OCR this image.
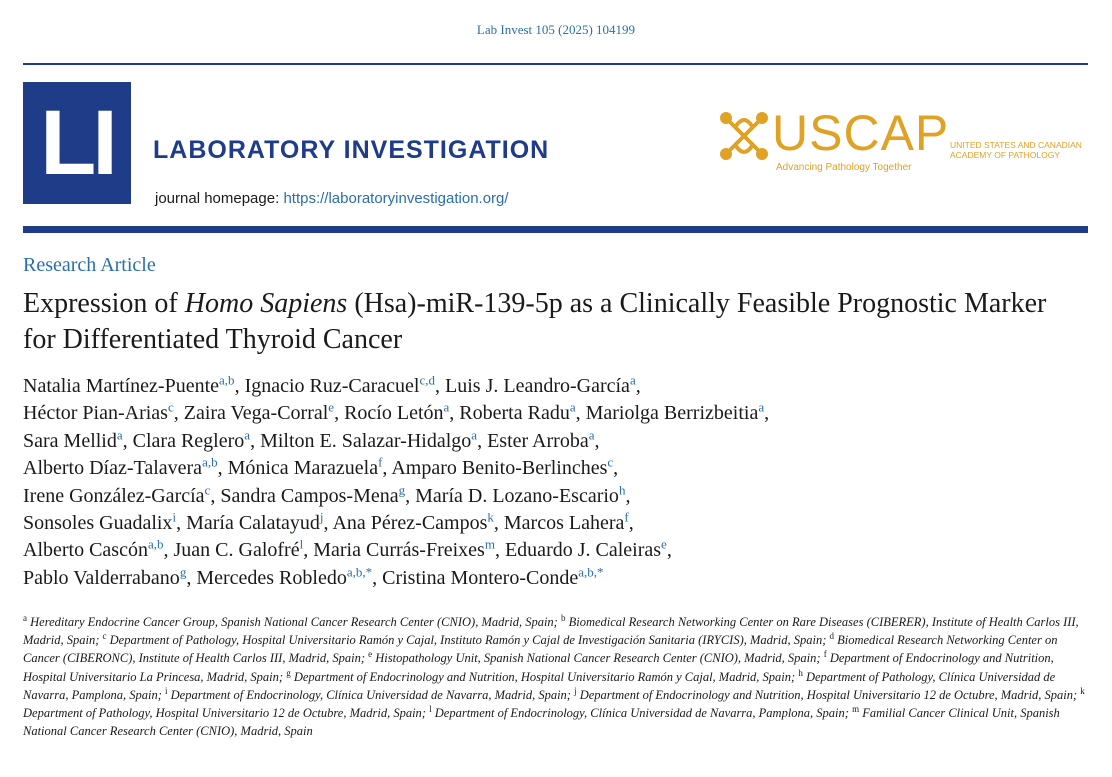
Lab Invest 105 (2025) 104199
LI	LABORATORY INVESTIGATION
journal homepage: https://laboratoryinvestigation.org/
USCAP
Advancing Pathology Together
UNITED STATES AND CANADIAN ACADEMY OF PATHOLOGY
Research Article
Expression of Homo Sapiens (Hsa)-miR-139-5p as a Clinically Feasible Prognostic Marker for Differentiated Thyroid Cancer
Natalia Martínez-Puente$^{a,b}$, Ignacio Ruz-Caracuel$^{c,d}$, Luis J. Leandro-García$^a$,
Héctor Pian-Arias$^c$, Zaira Vega-Corral$^e$, Rocío Letón$^a$, Roberta Radu$^a$, Mariolga Berrizbeitia$^a$,
Sara Mellid$^a$, Clara Reglero$^a$, Milton E. Salazar-Hidalgo$^a$, Ester Arroba$^a$,
Alberto Díaz-Talavera$^{a,b}$, Mónica Marazuela$^f$, Amparo Benito-Berlinches$^c$,
Irene González-García$^c$, Sandra Campos-Mena$^g$, María D. Lozano-Escario$^h$,
Sonsoles Guadalix$^i$, María Calatayud$^j$, Ana Pérez-Campos$^k$, Marcos Lahera$^f$,
Alberto Cascón$^{a,b}$, Juan C. Galofré$^l$, Maria Currás-Freixes$^m$, Eduardo J. Caleiras$^e$,
Pablo Valderrabano$^g$, Mercedes Robledo$^{a,b,*}$, Cristina Montero-Conde$^{a,b,*}$
$^a$ Hereditary Endocrine Cancer Group, Spanish National Cancer Research Center (CNIO), Madrid, Spain; $^b$ Biomedical Research Networking Center on Rare Diseases (CIBERER), Institute of Health Carlos III, Madrid, Spain; $^c$ Department of Pathology, Hospital Universitario Ramón y Cajal, Instituto Ramón y Cajal de Investigación Sanitaria (IRYCIS), Madrid, Spain; $^d$ Biomedical Research Networking Center on Cancer (CIBERONC), Institute of Health Carlos III, Madrid, Spain; $^e$ Histopathology Unit, Spanish National Cancer Research Center (CNIO), Madrid, Spain; $^f$ Department of Endocrinology and Nutrition, Hospital Universitario La Princesa, Madrid, Spain; $^g$ Department of Endocrinology and Nutrition, Hospital Universitario Ramón y Cajal, Madrid, Spain; $^h$ Department of Pathology, Clínica Universidad de Navarra, Pamplona, Spain; $^i$ Department of Endocrinology, Clínica Universidad de Navarra, Madrid, Spain; $^j$ Department of Endocrinology and Nutrition, Hospital Universitario 12 de Octubre, Madrid, Spain; $^k$ Department of Pathology, Hospital Universitario 12 de Octubre, Madrid, Spain; $^l$ Department of Endocrinology, Clínica Universidad de Navarra, Pamplona, Spain; $^m$ Familial Cancer Clinical Unit, Spanish National Cancer Research Center (CNIO), Madrid, Spain
